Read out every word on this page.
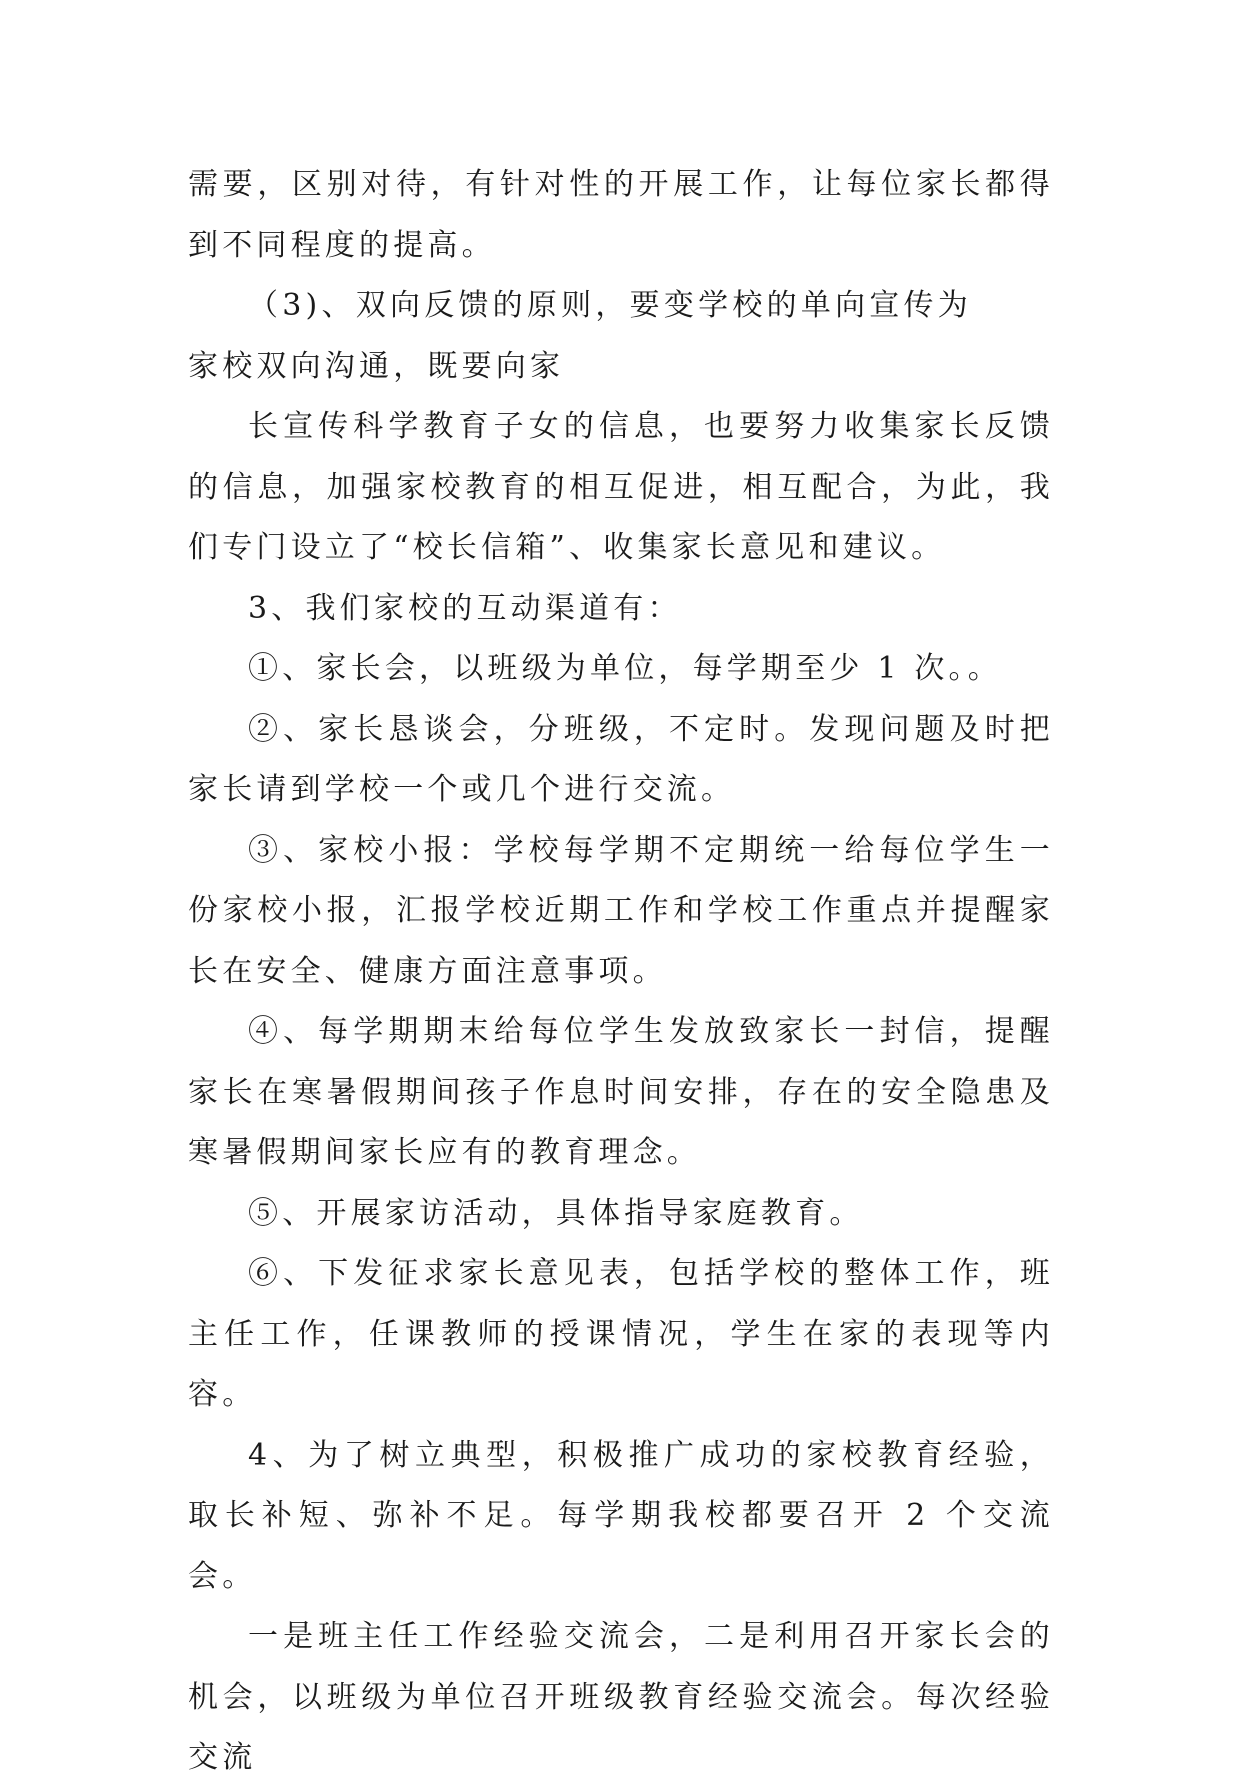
需要，区别对待，有针对性的开展工作，让每位家长都得到不同程度的提高。

（3)、双向反馈的原则，要变学校的单向宣传为家校双向沟通，既要向家

长宣传科学教育子女的信息，也要努力收集家长反馈的信息，加强家校教育的相互促进，相互配合，为此，我们专门设立了“校长信箱”、收集家长意见和建议。

3、我们家校的互动渠道有：

①、家长会，以班级为单位，每学期至少 1 次。。

②、家长恳谈会，分班级，不定时。发现问题及时把家长请到学校一个或几个进行交流。

③、家校小报：学校每学期不定期统一给每位学生一份家校小报，汇报学校近期工作和学校工作重点并提醒家长在安全、健康方面注意事项。

④、每学期期末给每位学生发放致家长一封信，提醒家长在寒暑假期间孩子作息时间安排，存在的安全隐患及寒暑假期间家长应有的教育理念。

⑤、开展家访活动，具体指导家庭教育。

⑥、下发征求家长意见表，包括学校的整体工作，班主任工作，任课教师的授课情况，学生在家的表现等内容。

4、为了树立典型，积极推广成功的家校教育经验，取长补短、弥补不足。每学期我校都要召开 2 个交流会。

一是班主任工作经验交流会，二是利用召开家长会的机会，以班级为单位召开班级教育经验交流会。每次经验交流
